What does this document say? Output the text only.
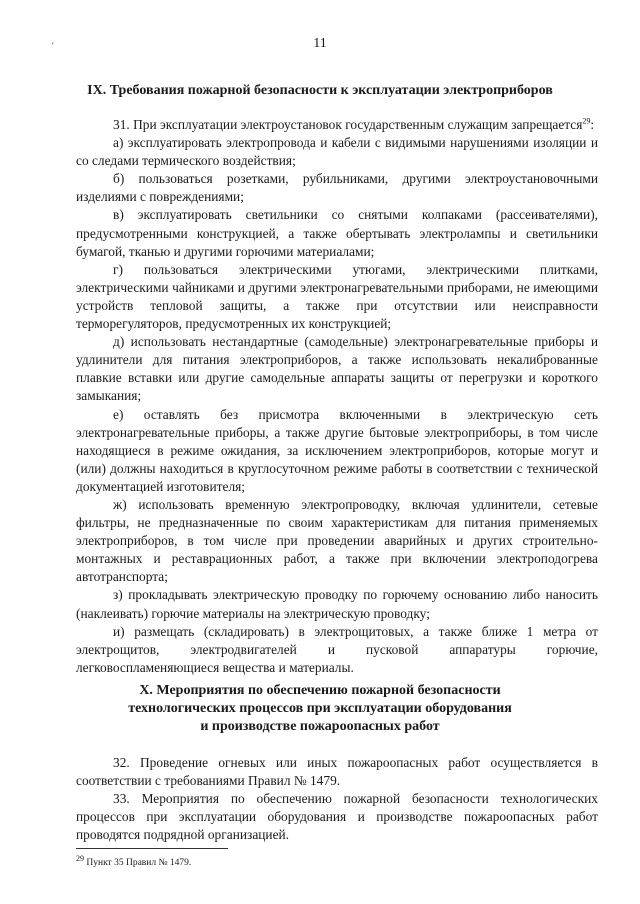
'	11
IX. Требования пожарной безопасности к эксплуатации электроприборов

31. При эксплуатации электроустановок государственным служащим запрещается$^{29}$:

а) эксплуатировать электропровода и кабели с видимыми нарушениями изоляции и со следами термического воздействия;

б) пользоваться розетками, рубильниками, другими электроустановочными изделиями с повреждениями;

в) эксплуатировать светильники со снятыми колпаками (рассеивателями), предусмотренными конструкцией, а также обертывать электролампы и светильники бумагой, тканью и другими горючими материалами;

г) пользоваться электрическими утюгами, электрическими плитками, электрическими чайниками и другими электронагревательными приборами, не имеющими устройств тепловой защиты, а также при отсутствии или неисправности терморегуляторов, предусмотренных их конструкцией;

д) использовать нестандартные (самодельные) электронагревательные приборы и удлинители для питания электроприборов, а также использовать некалиброванные плавкие вставки или другие самодельные аппараты защиты от перегрузки и короткого замыкания;

е) оставлять без присмотра включенными в электрическую сеть электронагревательные приборы, а также другие бытовые электроприборы, в том числе находящиеся в режиме ожидания, за исключением электроприборов, которые могут и (или) должны находиться в круглосуточном режиме работы в соответствии с технической документацией изготовителя;

ж) использовать временную электропроводку, включая удлинители, сетевые фильтры, не предназначенные по своим характеристикам для питания применяемых электроприборов, в том числе при проведении аварийных и других строительно-монтажных и реставрационных работ, а также при включении электроподогрева автотранспорта;

з) прокладывать электрическую проводку по горючему основанию либо наносить (наклеивать) горючие материалы на электрическую проводку;

и) размещать (складировать) в электрощитовых, а также ближе 1 метра от электрощитов, электродвигателей и пусковой аппаратуры горючие, легковоспламеняющиеся вещества и материалы.

X. Мероприятия по обеспечению пожарной безопасности
технологических процессов при эксплуатации оборудования
и производстве пожароопасных работ

32. Проведение огневых или иных пожароопасных работ осуществляется в соответствии с требованиями Правил № 1479.

33. Мероприятия по обеспечению пожарной безопасности технологических процессов при эксплуатации оборудования и производстве пожароопасных работ проводятся подрядной организацией.

$^{29}$ Пункт 35 Правил № 1479.
